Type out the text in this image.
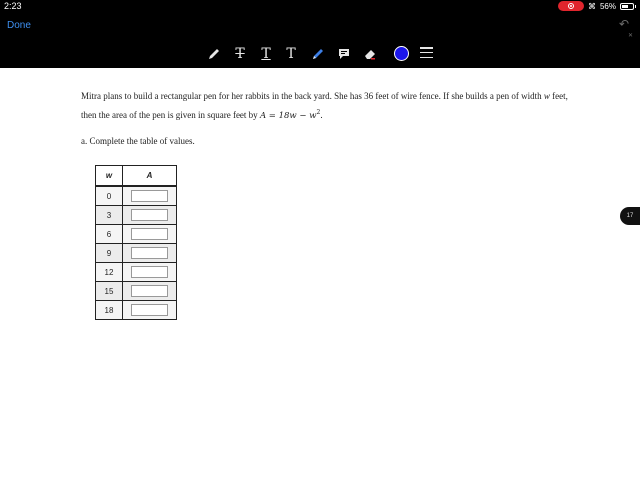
2:23	⌘ 56%
Done	↶
✕
T T T
17
Mitra plans to build a rectangular pen for her rabbits in the back yard. She has 36 feet of wire fence. If she builds a pen of width w feet, then the area of the pen is given in square feet by $A = 18w - w^2$.
a. Complete the table of values.
w	A
0	
3	
6	
9	
12	
15	
18	
